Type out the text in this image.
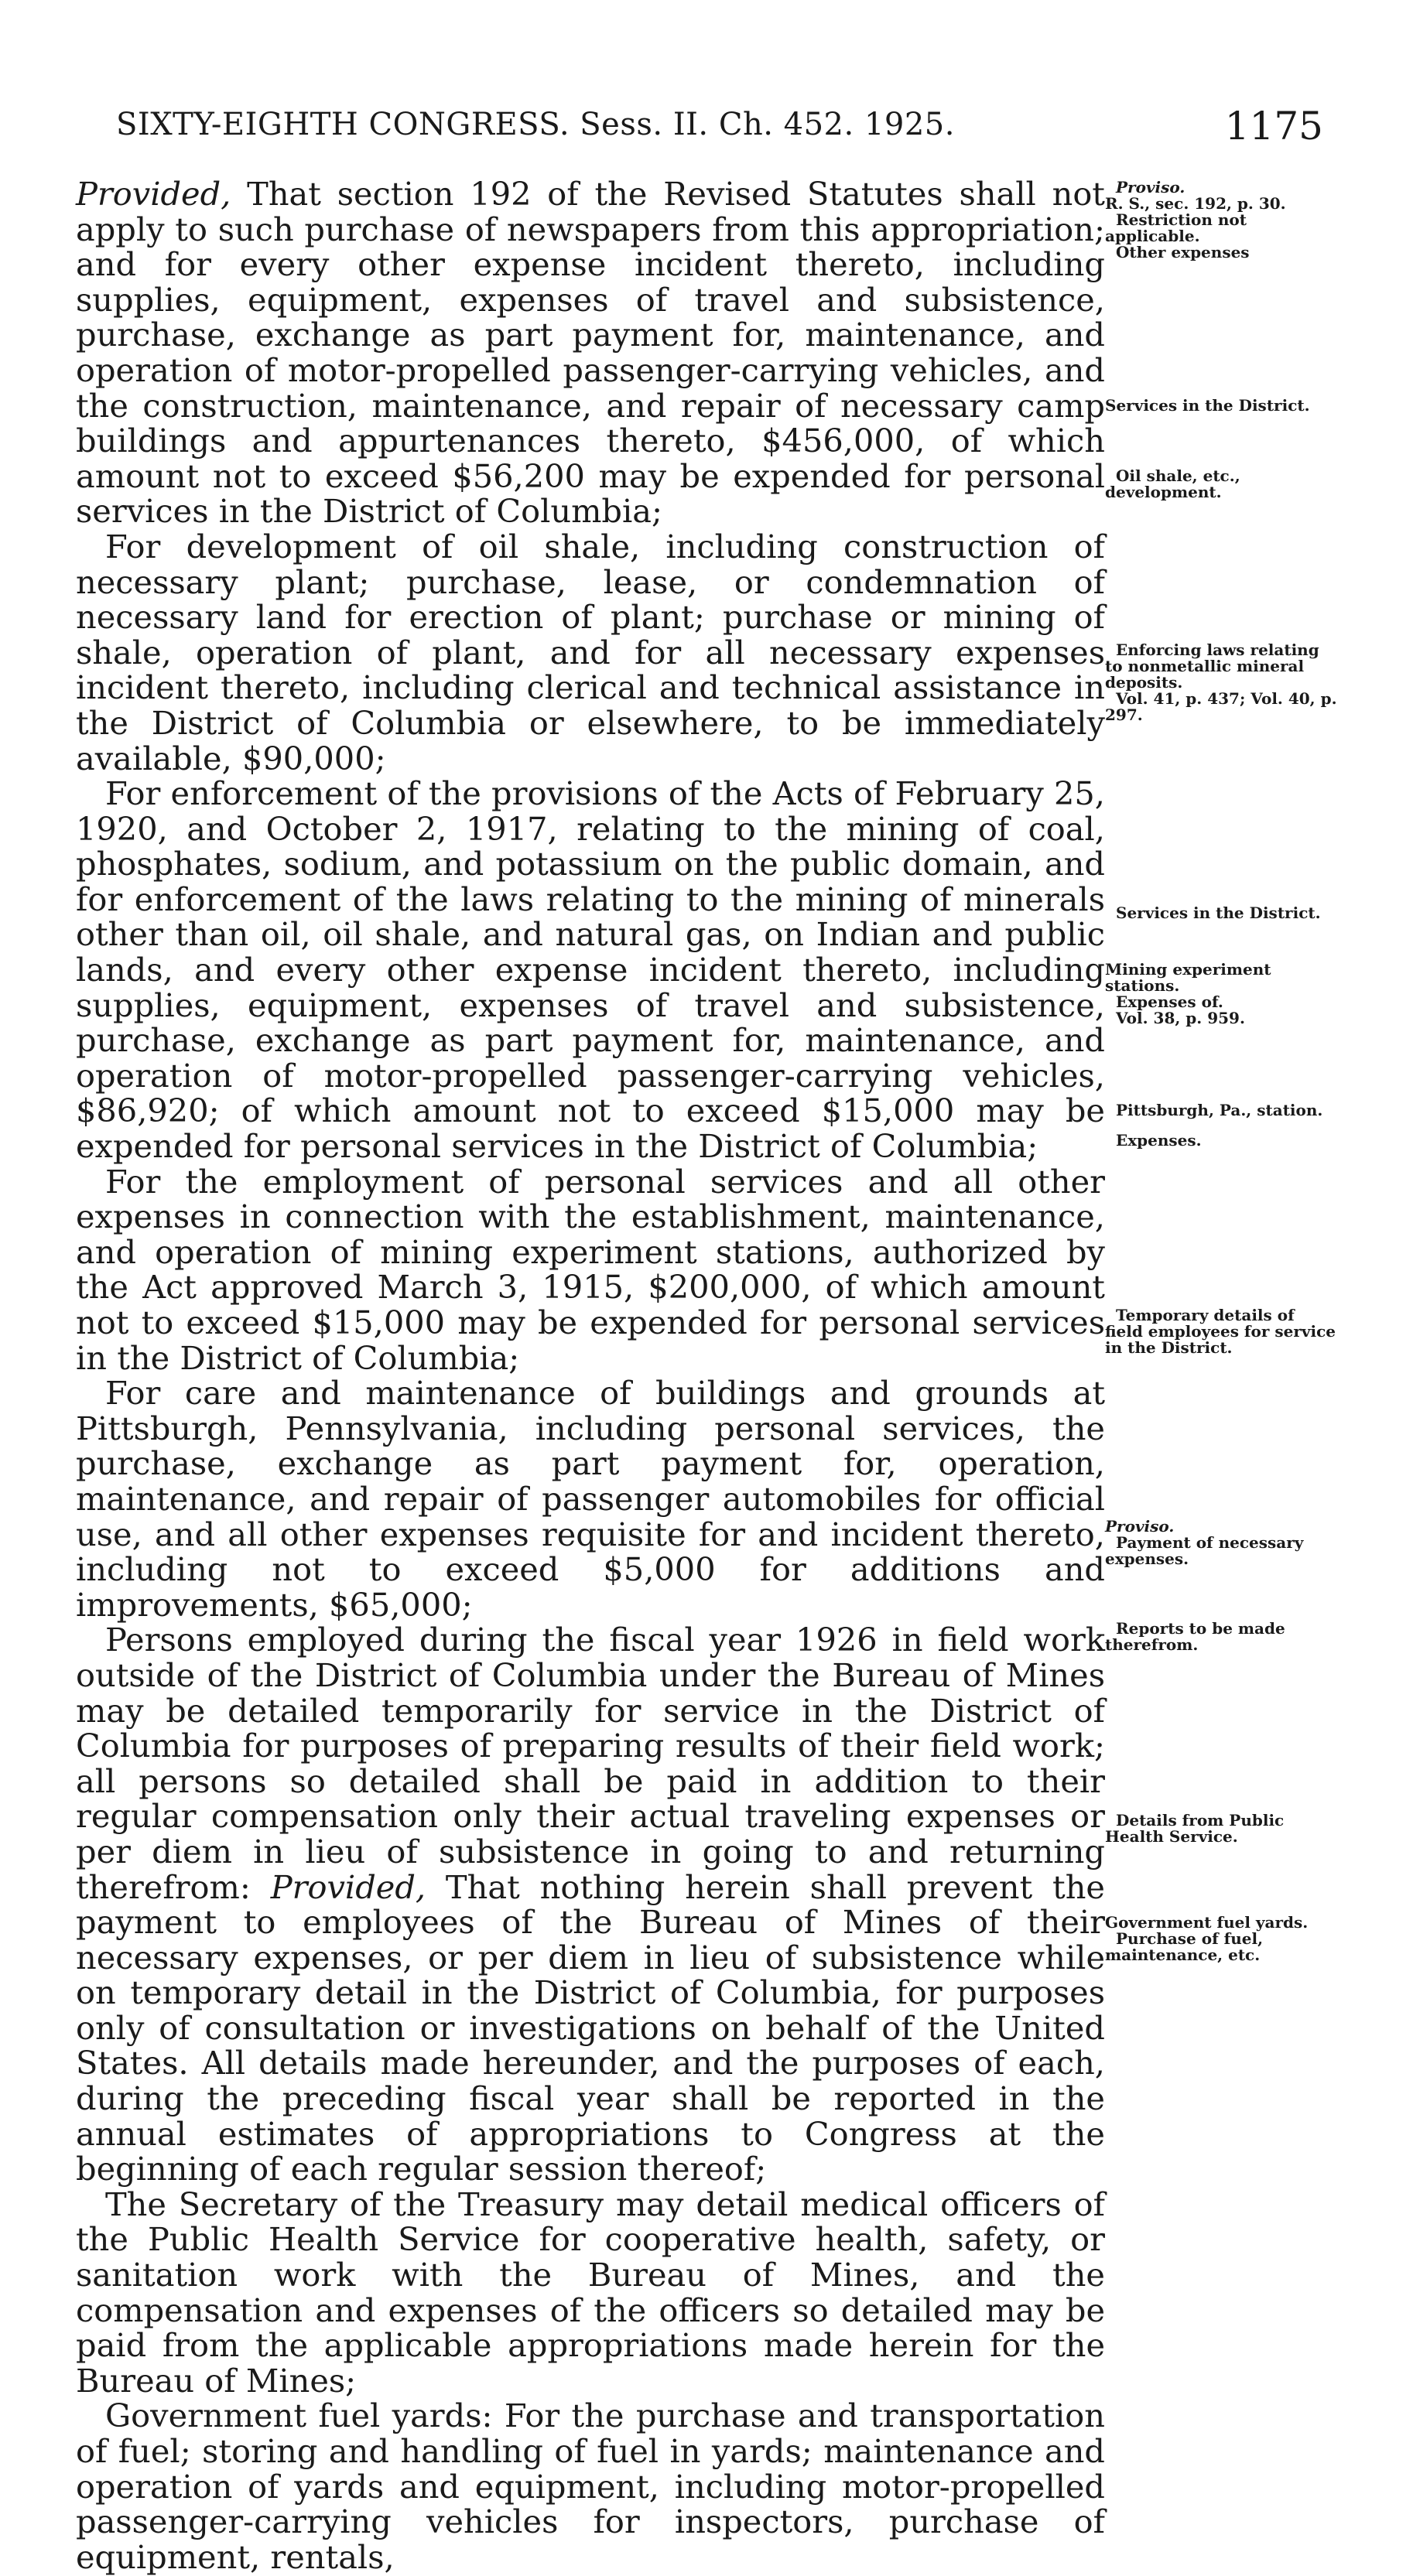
SIXTY-EIGHTH CONGRESS. Sess. II. Ch. 452. 1925.	1175

Provided, That section 192 of the Revised Statutes shall not apply to such purchase of newspapers from this appropriation; and for every other expense incident thereto, including supplies, equipment, expenses of travel and subsistence, purchase, exchange as part payment for, maintenance, and operation of motor-propelled passenger-carrying vehicles, and the construction, maintenance, and repair of necessary camp buildings and appurtenances thereto, $456,000, of which amount not to exceed $56,200 may be expended for personal services in the District of Columbia;

For development of oil shale, including construction of necessary plant; purchase, lease, or condemnation of necessary land for erection of plant; purchase or mining of shale, operation of plant, and for all necessary expenses incident thereto, including clerical and technical assistance in the District of Columbia or elsewhere, to be immediately available, $90,000;

For enforcement of the provisions of the Acts of February 25, 1920, and October 2, 1917, relating to the mining of coal, phosphates, sodium, and potassium on the public domain, and for enforcement of the laws relating to the mining of minerals other than oil, oil shale, and natural gas, on Indian and public lands, and every other expense incident thereto, including supplies, equipment, expenses of travel and subsistence, purchase, exchange as part payment for, maintenance, and operation of motor-propelled passenger-carrying vehicles, $86,920; of which amount not to exceed $15,000 may be expended for personal services in the District of Columbia;

For the employment of personal services and all other expenses in connection with the establishment, maintenance, and operation of mining experiment stations, authorized by the Act approved March 3, 1915, $200,000, of which amount not to exceed $15,000 may be expended for personal services in the District of Columbia;

For care and maintenance of buildings and grounds at Pittsburgh, Pennsylvania, including personal services, the purchase, exchange as part payment for, operation, maintenance, and repair of passenger automobiles for official use, and all other expenses requisite for and incident thereto, including not to exceed $5,000 for additions and improvements, $65,000;

Persons employed during the fiscal year 1926 in field work outside of the District of Columbia under the Bureau of Mines may be detailed temporarily for service in the District of Columbia for purposes of preparing results of their field work; all persons so detailed shall be paid in addition to their regular compensation only their actual traveling expenses or per diem in lieu of subsistence in going to and returning therefrom: Provided, That nothing herein shall prevent the payment to employees of the Bureau of Mines of their necessary expenses, or per diem in lieu of subsistence while on temporary detail in the District of Columbia, for purposes only of consultation or investigations on behalf of the United States. All details made hereunder, and the purposes of each, during the preceding fiscal year shall be reported in the annual estimates of appropriations to Congress at the beginning of each regular session thereof;

The Secretary of the Treasury may detail medical officers of the Public Health Service for cooperative health, safety, or sanitation work with the Bureau of Mines, and the compensation and expenses of the officers so detailed may be paid from the applicable appropriations made herein for the Bureau of Mines;

Government fuel yards: For the purchase and transportation of fuel; storing and handling of fuel in yards; maintenance and operation of yards and equipment, including motor-propelled passenger-carrying vehicles for inspectors, purchase of equipment, rentals,

Proviso.
R. S., sec. 192, p. 30.
Restriction not applicable.
Other expenses
Services in the District.
Oil shale, etc., development.
Enforcing laws relating to nonmetallic mineral deposits.
Vol. 41, p. 437; Vol. 40, p. 297.
Services in the District.
Mining experiment stations.
Expenses of.
Vol. 38, p. 959.
Pittsburgh, Pa., station.
Expenses.
Temporary details of field employees for service in the District.
Proviso.
Payment of necessary expenses.
Reports to be made therefrom.
Details from Public Health Service.
Government fuel yards.
Purchase of fuel, maintenance, etc.
